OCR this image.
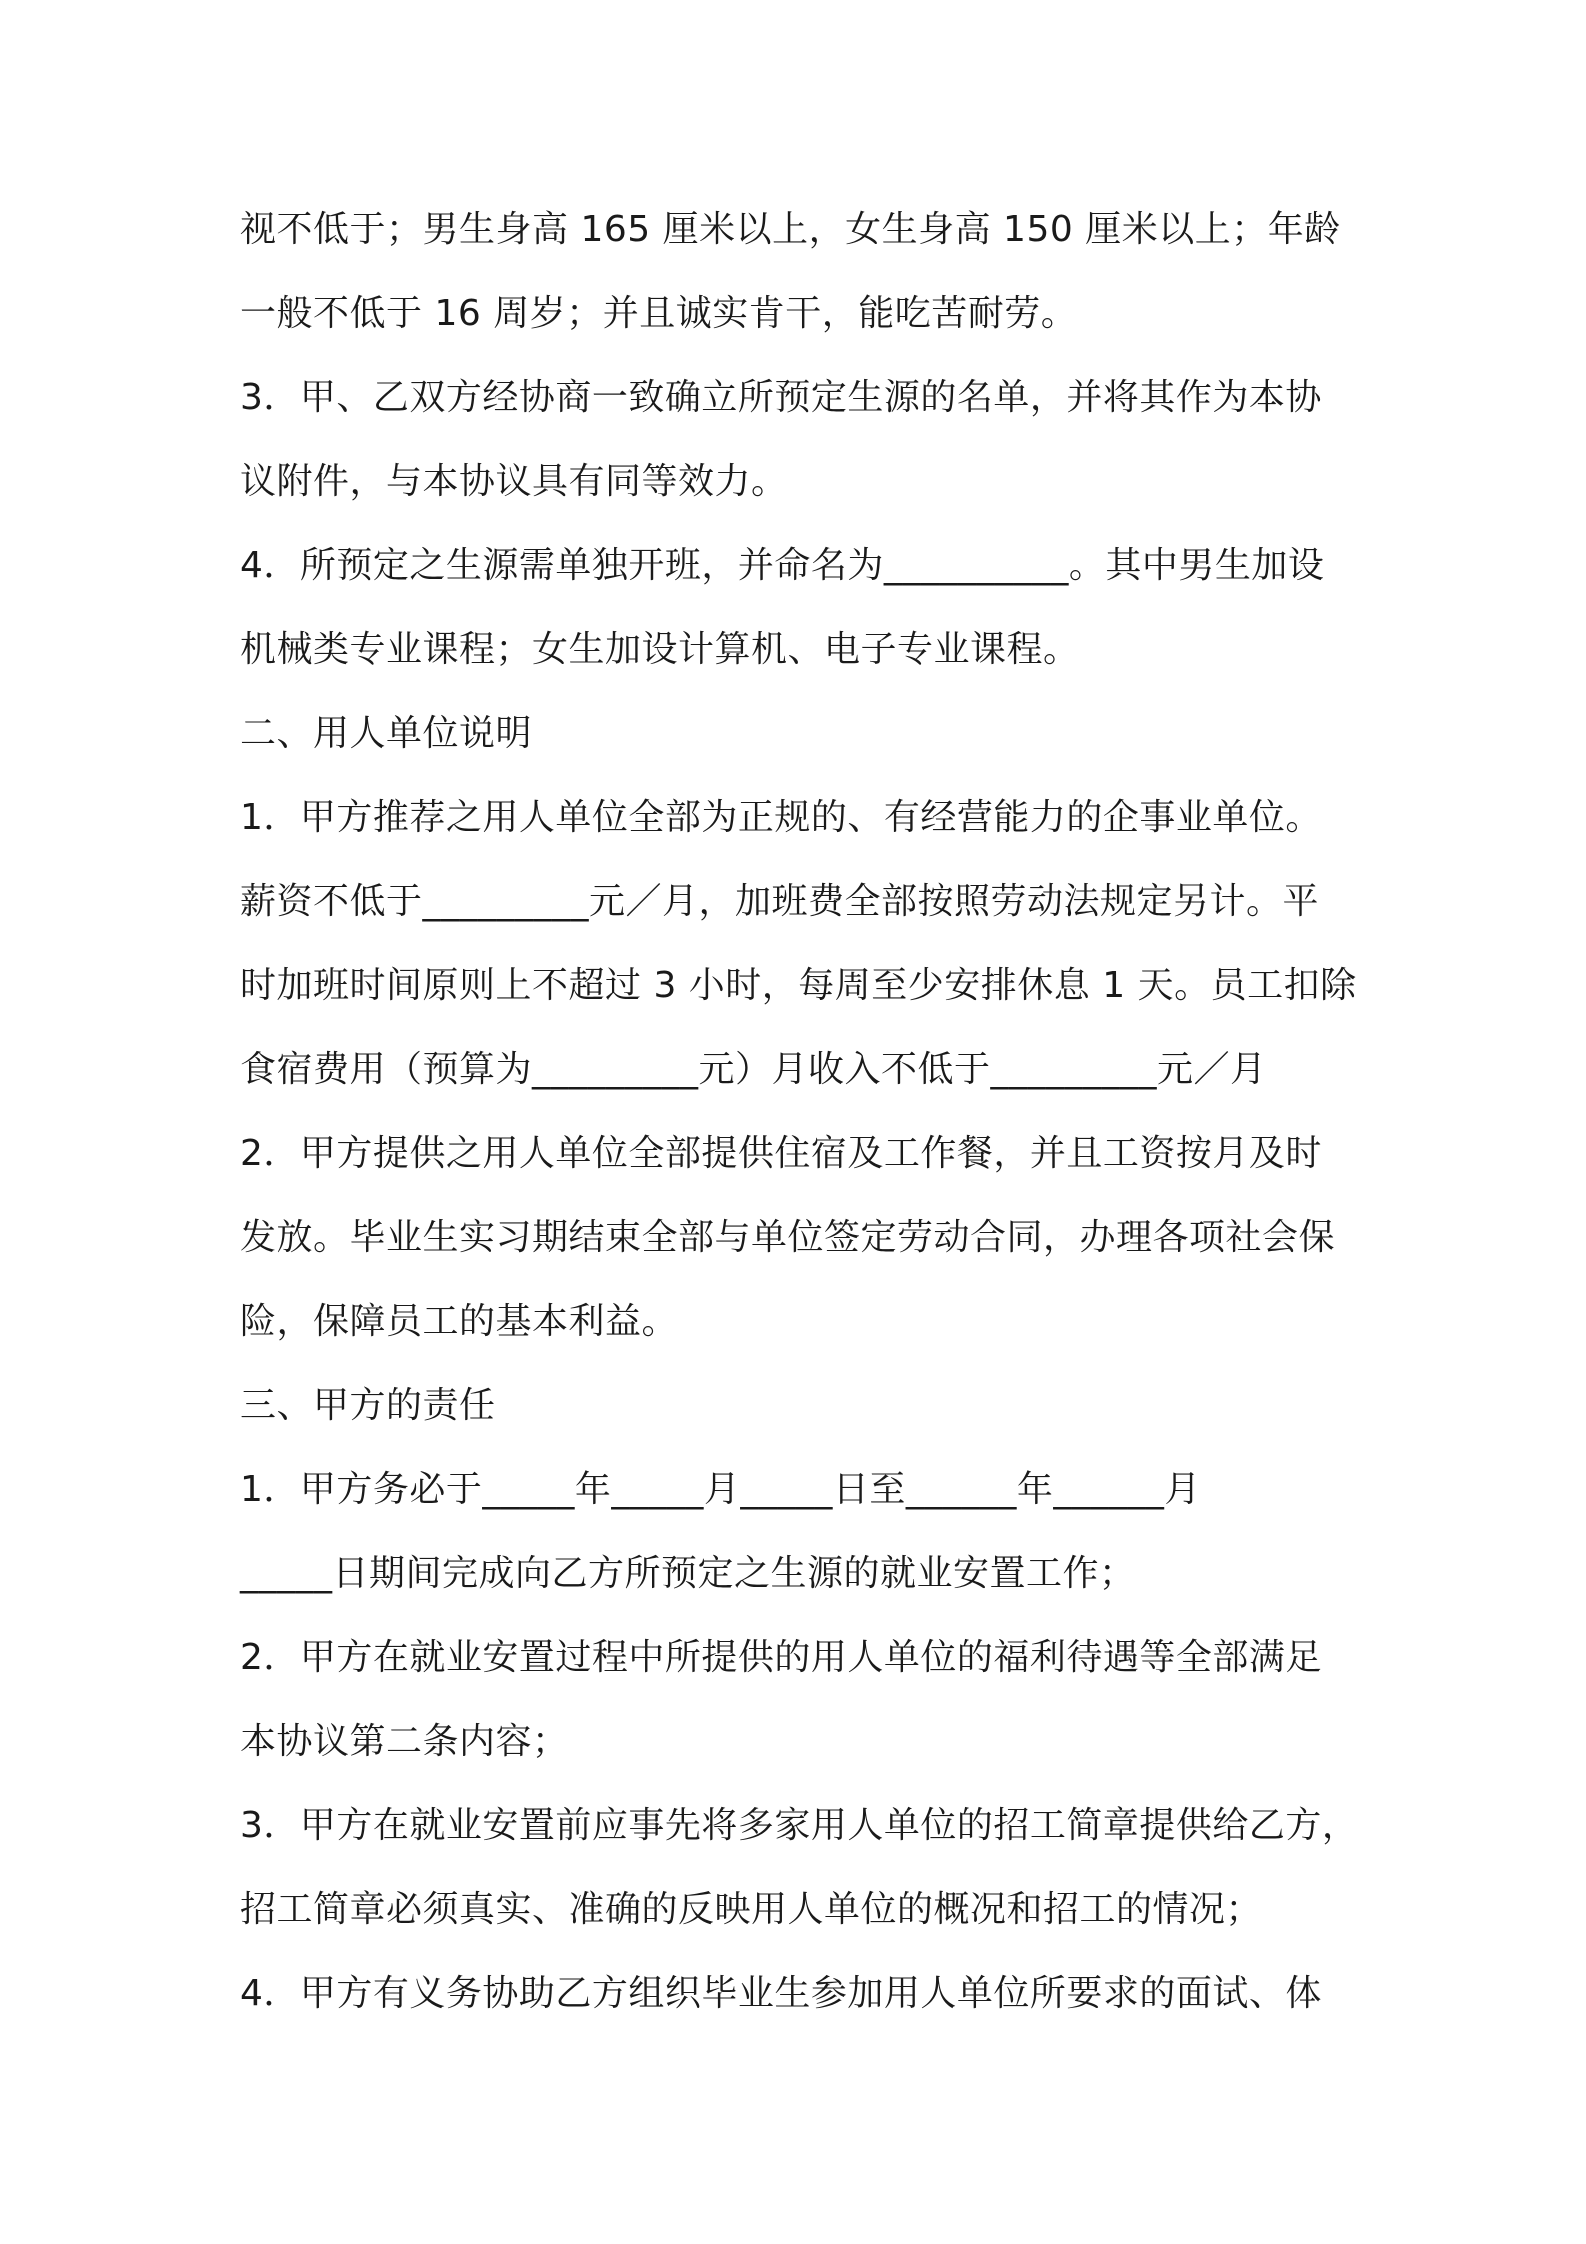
视不低于；男生身高 165 厘米以上，女生身高 150 厘米以上；年龄
一般不低于 16 周岁；并且诚实肯干，能吃苦耐劳。
3．甲、乙双方经协商一致确立所预定生源的名单，并将其作为本协
议附件，与本协议具有同等效力。
4．所预定之生源需单独开班，并命名为__________。其中男生加设
机械类专业课程；女生加设计算机、电子专业课程。
二、用人单位说明
1．甲方推荐之用人单位全部为正规的、有经营能力的企事业单位。
薪资不低于_________元／月，加班费全部按照劳动法规定另计。平
时加班时间原则上不超过 3 小时，每周至少安排休息 1 天。员工扣除
食宿费用（预算为_________元）月收入不低于_________元／月
2．甲方提供之用人单位全部提供住宿及工作餐，并且工资按月及时
发放。毕业生实习期结束全部与单位签定劳动合同，办理各项社会保
险，保障员工的基本利益。
三、甲方的责任
1．甲方务必于_____年_____月_____日至______年______月
_____日期间完成向乙方所预定之生源的就业安置工作；
2．甲方在就业安置过程中所提供的用人单位的福利待遇等全部满足
本协议第二条内容；
3．甲方在就业安置前应事先将多家用人单位的招工简章提供给乙方，
招工简章必须真实、准确的反映用人单位的概况和招工的情况；
4．甲方有义务协助乙方组织毕业生参加用人单位所要求的面试、体
